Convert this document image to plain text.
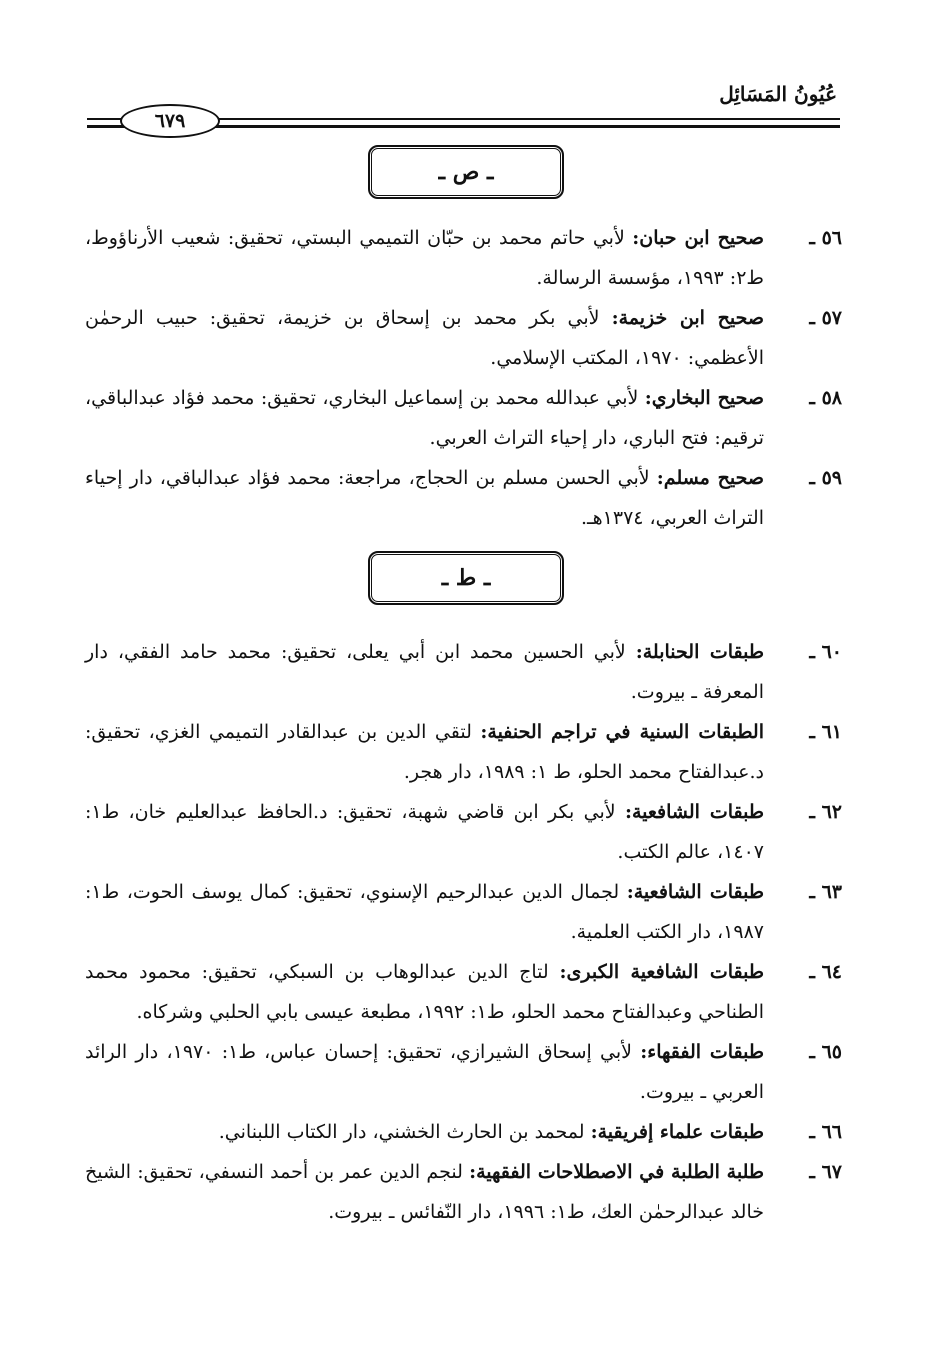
عُيُونُ المَسَائِل
٦٧٩
ـ ص ـ
٥٦ ـ
صحيح ابن حبان: لأبي حاتم محمد بن حبّان التميمي البستي، تحقيق: شعيب الأرناؤوط، ط٢: ١٩٩٣، مؤسسة الرسالة.
٥٧ ـ
صحيح ابن خزيمة: لأبي بكر محمد بن إسحاق بن خزيمة، تحقيق: حبيب الرحمٰن الأعظمي: ١٩٧٠، المكتب الإسلامي.
٥٨ ـ
صحيح البخاري: لأبي عبدالله محمد بن إسماعيل البخاري، تحقيق: محمد فؤاد عبدالباقي، ترقيم: فتح الباري، دار إحياء التراث العربي.
٥٩ ـ
صحيح مسلم: لأبي الحسن مسلم بن الحجاج، مراجعة: محمد فؤاد عبدالباقي، دار إحياء التراث العربي، ١٣٧٤هـ.
ـ ط ـ
٦٠ ـ
طبقات الحنابلة: لأبي الحسين محمد ابن أبي يعلى، تحقيق: محمد حامد الفقي، دار المعرفة ـ بيروت.
٦١ ـ
الطبقات السنية في تراجم الحنفية: لتقي الدين بن عبدالقادر التميمي الغزي، تحقيق: د.عبدالفتاح محمد الحلو، ط ١: ١٩٨٩، دار هجر.
٦٢ ـ
طبقات الشافعية: لأبي بكر ابن قاضي شهبة، تحقيق: د.الحافظ عبدالعليم خان، ط١: ١٤٠٧، عالم الكتب.
٦٣ ـ
طبقات الشافعية: لجمال الدين عبدالرحيم الإسنوي، تحقيق: كمال يوسف الحوت، ط١: ١٩٨٧، دار الكتب العلمية.
٦٤ ـ
طبقات الشافعية الكبرى: لتاج الدين عبدالوهاب بن السبكي، تحقيق: محمود محمد الطناحي وعبدالفتاح محمد الحلو، ط١: ١٩٩٢، مطبعة عيسى بابي الحلبي وشركاه.
٦٥ ـ
طبقات الفقهاء: لأبي إسحاق الشيرازي، تحقيق: إحسان عباس، ط١: ١٩٧٠، دار الرائد العربي ـ بيروت.
٦٦ ـ
طبقات علماء إفريقية: لمحمد بن الحارث الخشني، دار الكتاب اللبناني.
٦٧ ـ
طلبة الطلبة في الاصطلاحات الفقهية: لنجم الدين عمر بن أحمد النسفي، تحقيق: الشيخ خالد عبدالرحمٰن العك، ط١: ١٩٩٦، دار النّفائس ـ بيروت.
